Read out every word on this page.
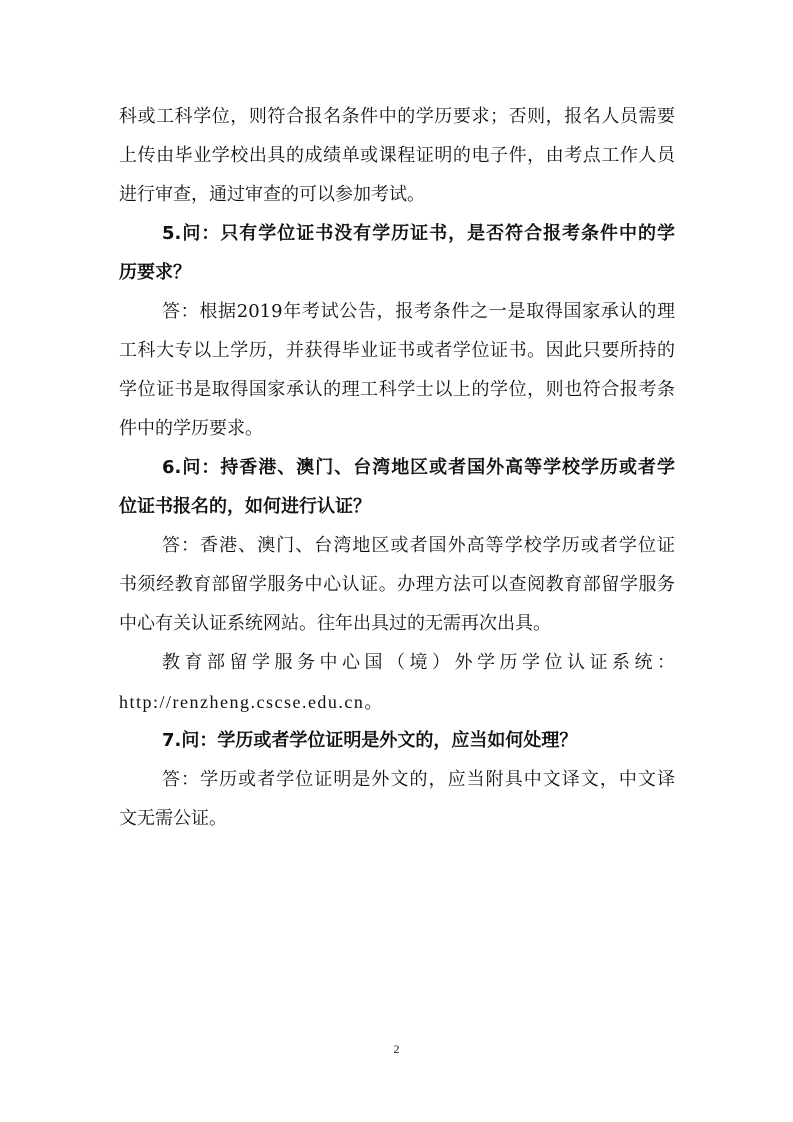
科或工科学位，则符合报名条件中的学历要求；否则，报名人员需要
上传由毕业学校出具的成绩单或课程证明的电子件，由考点工作人员
进行审查，通过审查的可以参加考试。
5.问：只有学位证书没有学历证书，是否符合报考条件中的学
历要求？
答：根据2019年考试公告，报考条件之一是取得国家承认的理
工科大专以上学历，并获得毕业证书或者学位证书。因此只要所持的
学位证书是取得国家承认的理工科学士以上的学位，则也符合报考条
件中的学历要求。
6.问：持香港、澳门、台湾地区或者国外高等学校学历或者学
位证书报名的，如何进行认证？
答：香港、澳门、台湾地区或者国外高等学校学历或者学位证
书须经教育部留学服务中心认证。办理方法可以查阅教育部留学服务
中心有关认证系统网站。往年出具过的无需再次出具。
教育部留学服务中心国（境）外学历学位认证系统：
http://renzheng.cscse.edu.cn。
7.问：学历或者学位证明是外文的，应当如何处理？
答：学历或者学位证明是外文的，应当附具中文译文，中文译
文无需公证。
2
